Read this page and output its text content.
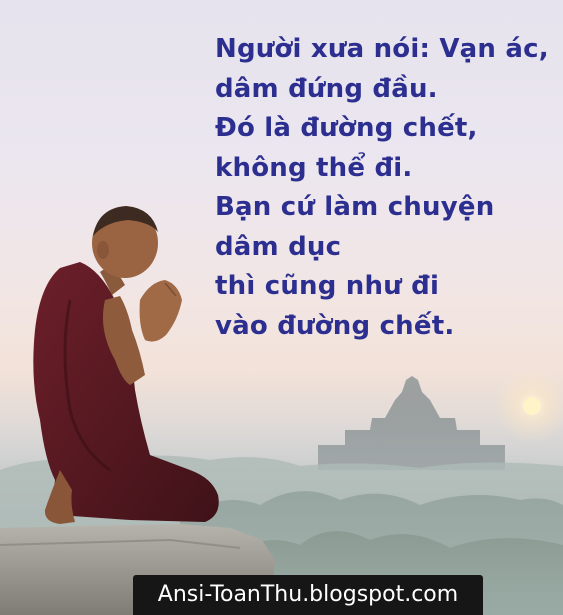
Người xưa nói: Vạn ác,
dâm đứng đầu.
Đó là đường chết,
không thể đi.
Bạn cứ làm chuyện
dâm dục
thì cũng như đi
vào đường chết.
Ansi-ToanThu.blogspot.com
